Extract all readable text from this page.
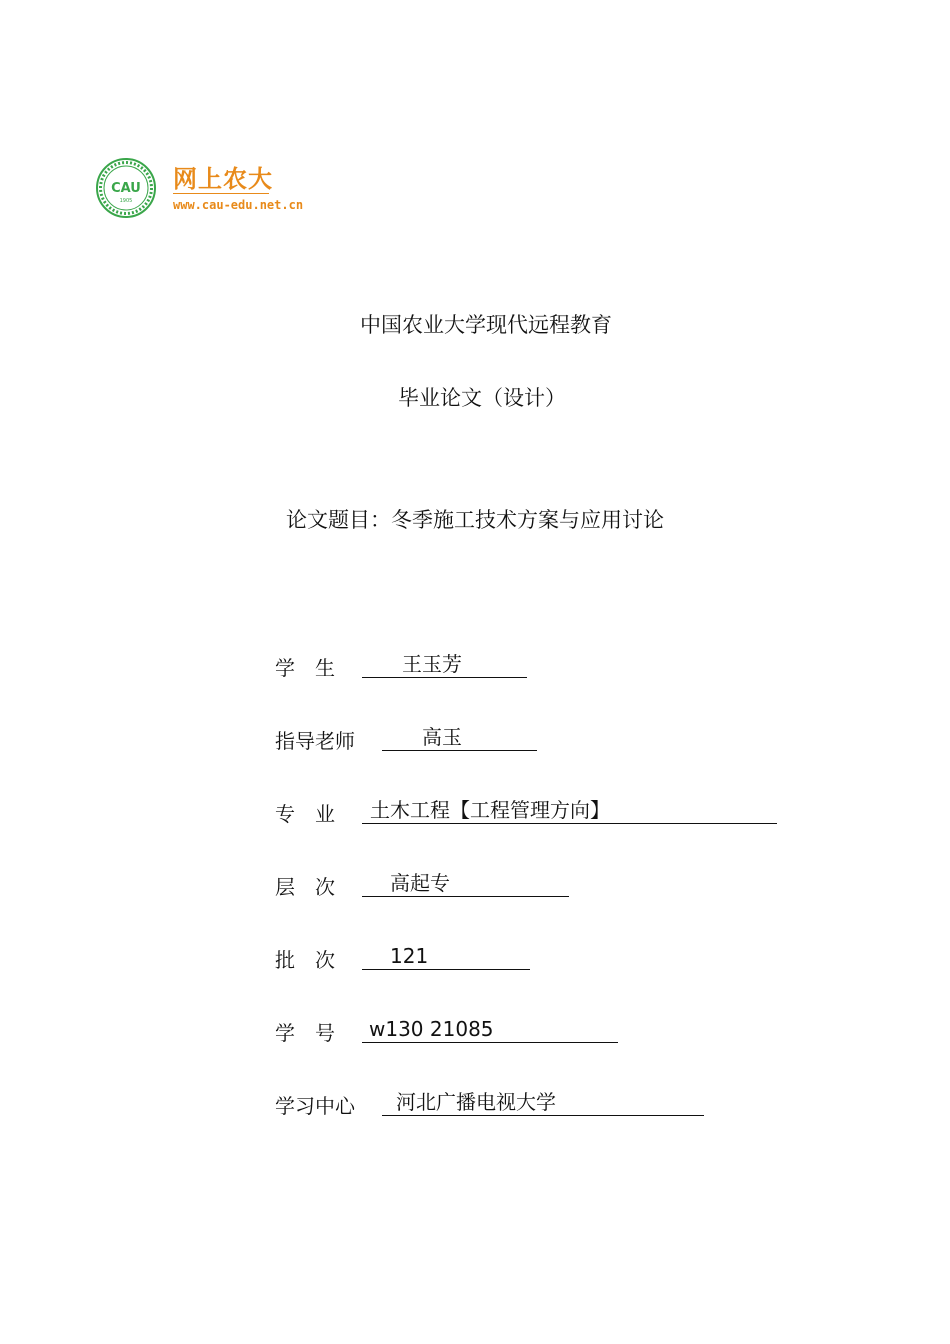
CAU
1905
网上农大
www.cau-edu.net.cn
中国农业大学现代远程教育
毕业论文（设计）
论文题目：冬季施工技术方案与应用讨论
学　生	王玉芳
指导老师	高玉
专　业	土木工程【工程管理方向】
层　次	高起专
批　次	121
学　号	w130 21085
学习中心	河北广播电视大学
